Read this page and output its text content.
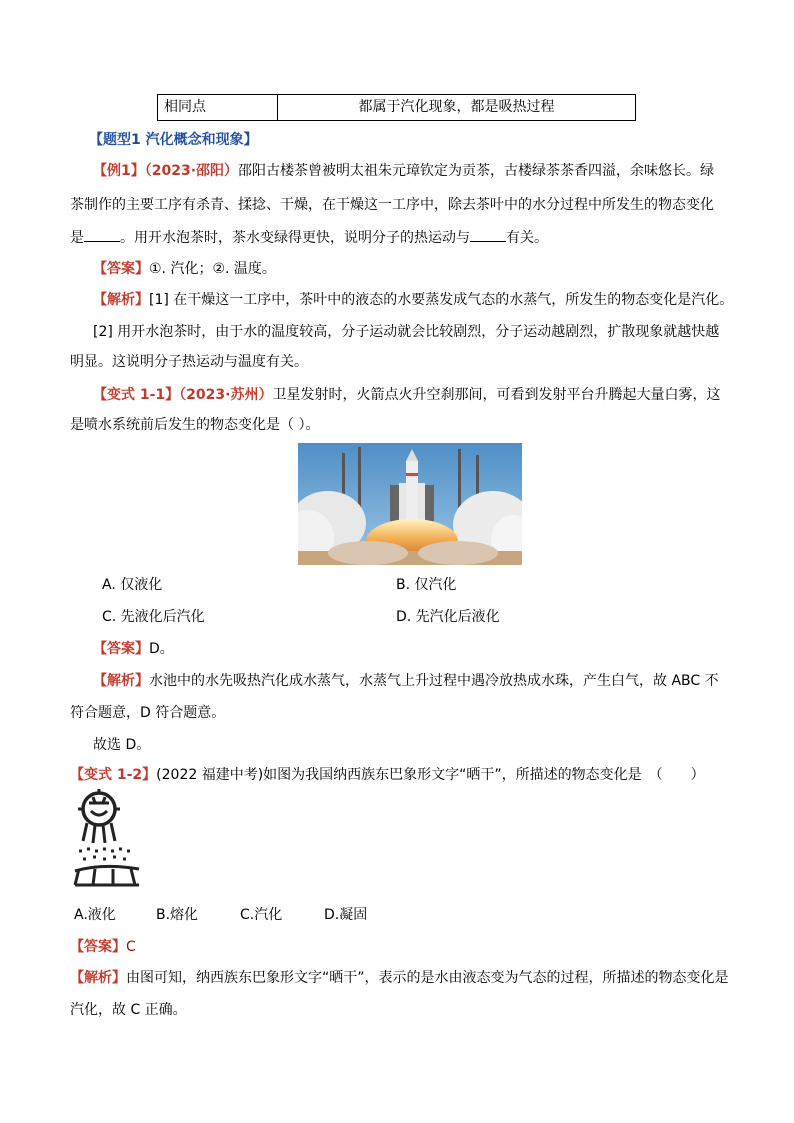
相同点	都属于汽化现象，都是吸热过程
【题型1 汽化概念和现象】
【例1】（2023·邵阳）邵阳古楼茶曾被明太祖朱元璋钦定为贡茶，古楼绿茶茶香四溢，余味悠长。绿
茶制作的主要工序有杀青、揉捻、干燥，在干燥这一工序中，除去茶叶中的水分过程中所发生的物态变化
是	。用开水泡茶时，茶水变绿得更快，说明分子的热运动与	有关。
【答案】①. 汽化；②. 温度。
【解析】[1] 在干燥这一工序中，茶叶中的液态的水要蒸发成气态的水蒸气，所发生的物态变化是汽化。
[2] 用开水泡茶时，由于水的温度较高，分子运动就会比较剧烈，分子运动越剧烈，扩散现象就越快越
明显。这说明分子热运动与温度有关。
【变式 1-1】（2023·苏州）卫星发射时，火箭点火升空刹那间，可看到发射平台升腾起大量白雾，这
是喷水系统前后发生的物态变化是（ ）。
A. 仅液化	B. 仅汽化
C. 先液化后汽化	D. 先汽化后液化
【答案】D。
【解析】水池中的水先吸热汽化成水蒸气，水蒸气上升过程中遇冷放热成水珠，产生白气，故 ABC 不
符合题意，D 符合题意。
故选 D。
【变式 1-2】(2022 福建中考)如图为我国纳西族东巴象形文字“晒干”，所描述的物态变化是　（　　）
A.液化	B.熔化	C.汽化	D.凝固
【答案】C
【解析】由图可知，纳西族东巴象形文字“晒干”，表示的是水由液态变为气态的过程，所描述的物态变化是
汽化，故 C 正确。
